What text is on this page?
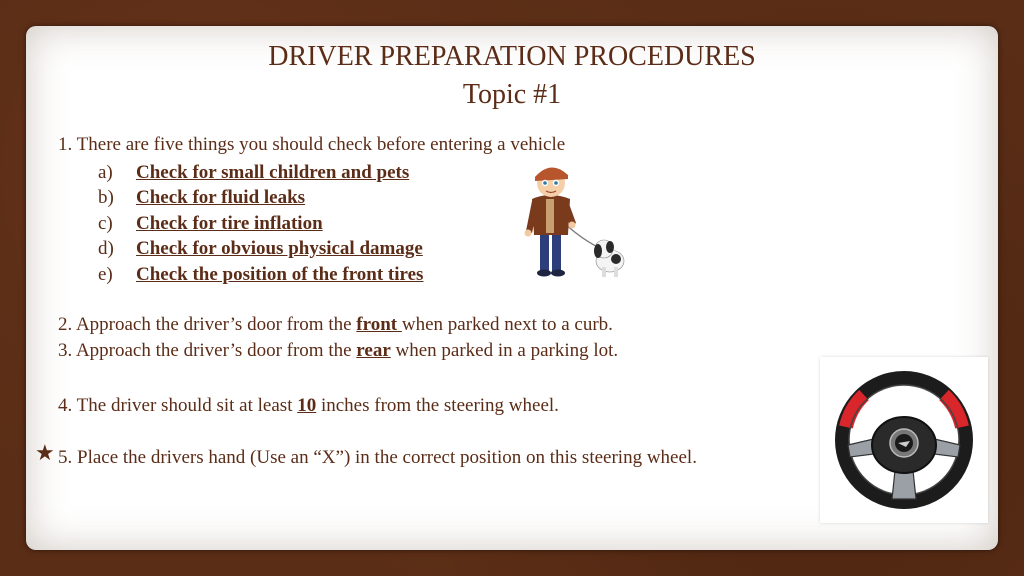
DRIVER PREPARATION PROCEDURES
Topic #1
1. There are five things you should check before entering a vehicle
a)	Check for small children and pets
b)	Check for fluid leaks
c)	Check for tire inflation
d)	Check for obvious physical damage
e)	Check the position of the front tires
2. Approach the driver’s door from the front when parked next to a curb.
3. Approach the driver’s door from the rear when parked in a parking lot.
4. The driver should sit at least 10 inches from the steering wheel.
5. Place the drivers hand (Use an “X”) in the correct position on this steering wheel.
★
